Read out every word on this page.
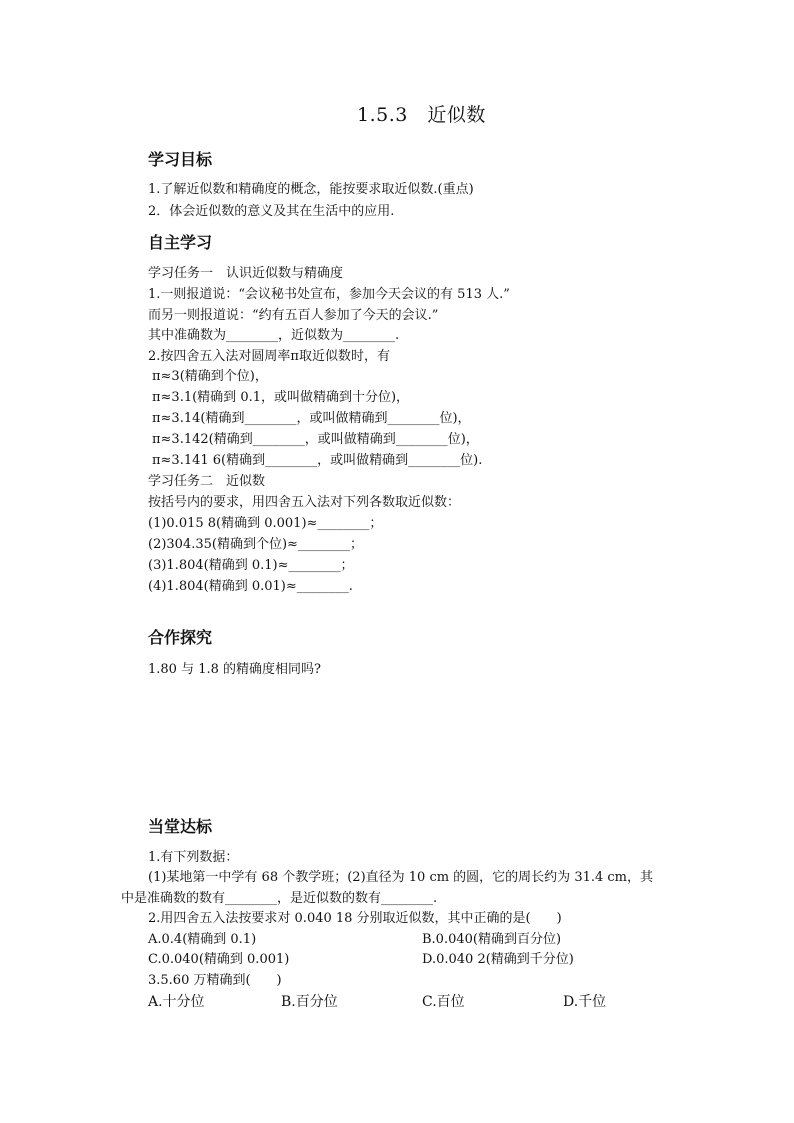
1.5.3　近似数
学习目标
1.了解近似数和精确度的概念，能按要求取近似数.(重点)
2．体会近似数的意义及其在生活中的应用.
自主学习
学习任务一　认识近似数与精确度
1.一则报道说：“会议秘书处宣布，参加今天会议的有 513 人.”
而另一则报道说：“约有五百人参加了今天的会议.”
其中准确数为________，近似数为________.
2.按四舍五入法对圆周率π取近似数时，有
π≈3(精确到个位)，
π≈3.1(精确到 0.1，或叫做精确到十分位)，
π≈3.14(精确到________，或叫做精确到________位)，
π≈3.142(精确到________，或叫做精确到________位)，
π≈3.141 6(精确到________，或叫做精确到________位).
学习任务二　近似数
按括号内的要求，用四舍五入法对下列各数取近似数：
(1)0.015 8(精确到 0.001)≈________；
(2)304.35(精确到个位)≈________；
(3)1.804(精确到 0.1)≈________；
(4)1.804(精确到 0.01)≈________.
合作探究
1.80 与 1.8 的精确度相同吗?
当堂达标
1.有下列数据：
(1)某地第一中学有 68 个教学班；(2)直径为 10 cm 的圆，它的周长约为 31.4 cm，其
中是准确数的数有________，是近似数的数有________.
2.用四舍五入法按要求对 0.040 18 分别取近似数，其中正确的是(　　)
A.0.4(精确到 0.1)	B.0.040(精确到百分位)
C.0.040(精确到 0.001)	D.0.040 2(精确到千分位)
3.5.60 万精确到(　　)
A.十分位	B.百分位	C.百位	D.千位
